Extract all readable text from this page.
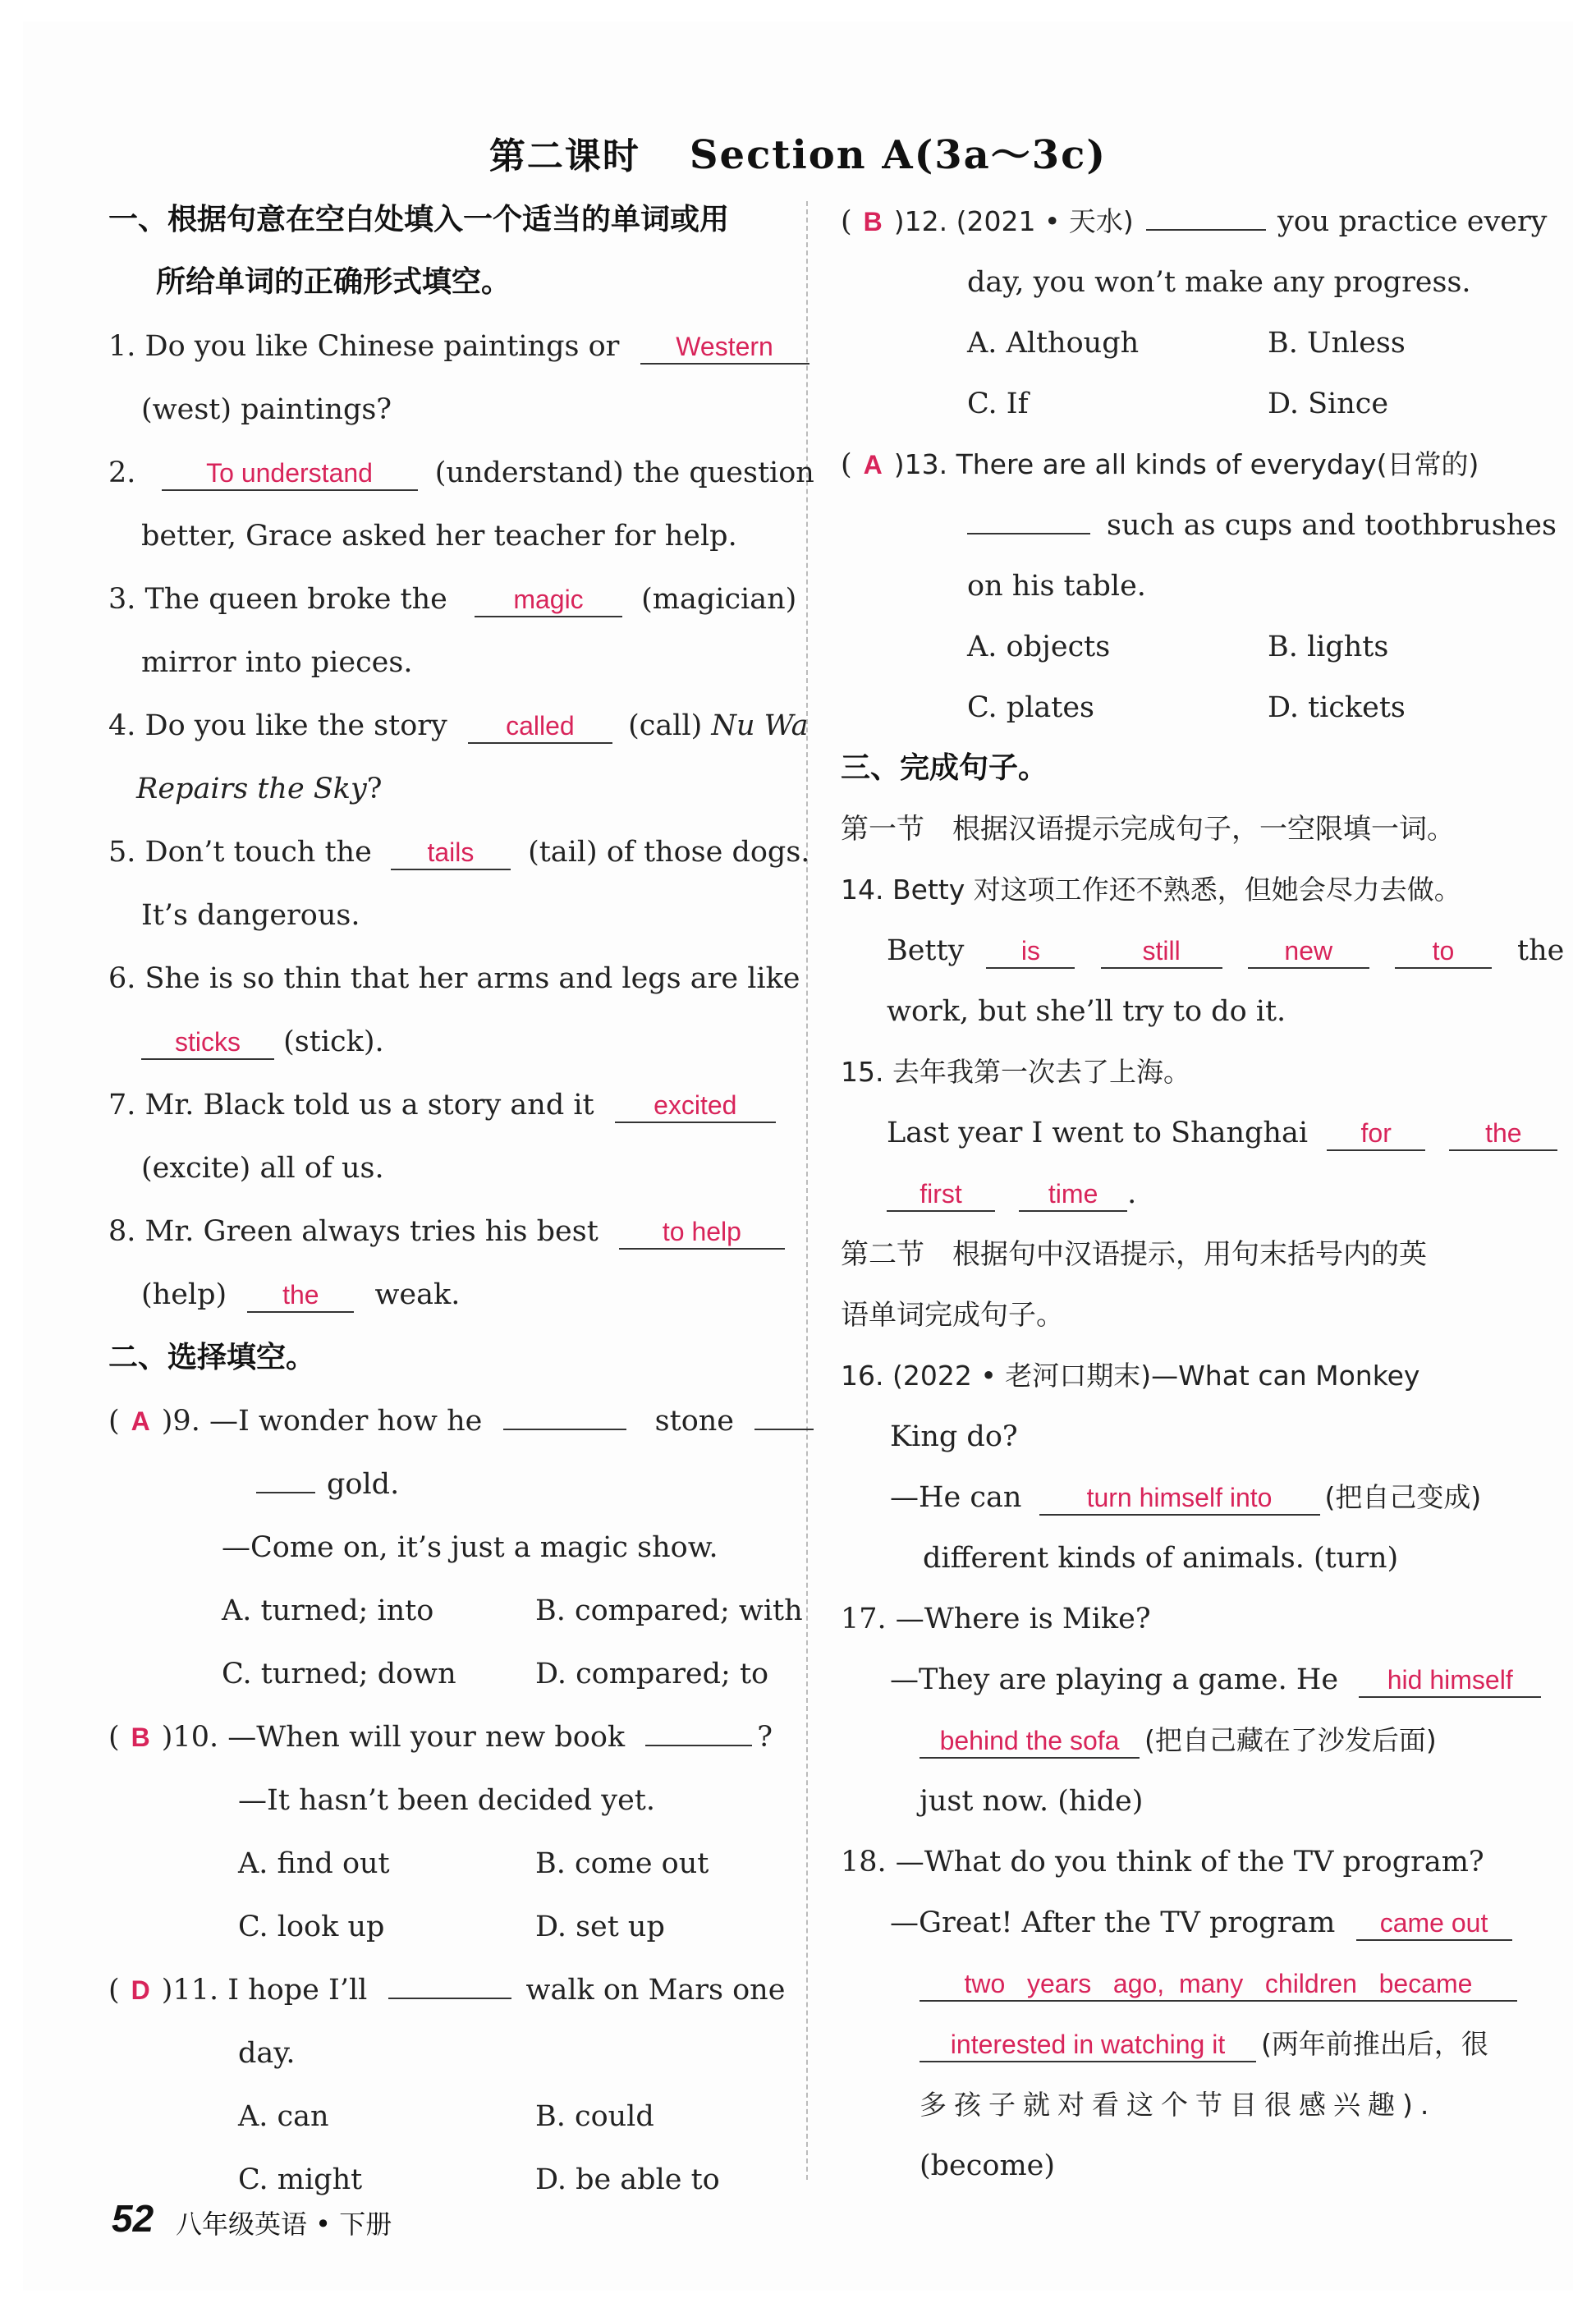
第二课时 Section A(3a～3c)
一、根据句意在空白处填入一个适当的单词或用
所给单词的正确形式填空。
1. Do you like Chinese paintings or Western
(west) paintings?
2.	To understand (understand) the question
better, Grace asked her teacher for help.
3. The queen broke the	magic (magician)
mirror into pieces.
4. Do you like the story called (call) Nu Wa
Repairs the Sky?
5. Don’t touch the tails (tail) of those dogs.
It’s dangerous.
6. She is so thin that her arms and legs are like
sticks (stick).
7. Mr. Black told us a story and it excited
(excite) all of us.
8. Mr. Green always tries his best to help
(help) the weak.
二、选择填空。
( A )9. —I wonder how he	stone
gold.
—Come on, it’s just a magic show.
A. turned; into	B. compared; with
C. turned; down	D. compared; to
( B )10. —When will your new book	?
—It hasn’t been decided yet.
A. find out	B. come out
C. look up	D. set up
( D )11. I hope I’ll	walk on Mars one
day.
A. can	B. could
C. might	D. be able to
( B )12. (2021 • 天水)	you practice every
day, you won’t make any progress.
A. Although	B. Unless
C. If	D. Since
( A )13. There are all kinds of everyday(日常的)
such as cups and toothbrushes
on his table.
A. objects	B. lights
C. plates	D. tickets
三、完成句子。
第一节　根据汉语提示完成句子，一空限填一词。
14. Betty 对这项工作还不熟悉，但她会尽力去做。
Betty is	still	new	to the
work, but she’ll try to do it.
15. 去年我第一次去了上海。
Last year I went to Shanghai for	the
first	time .
第二节　根据句中汉语提示，用句末括号内的英
语单词完成句子。
16. (2022 • 老河口期末)—What can Monkey
King do?
—He can turn himself into (把自己变成)
different kinds of animals. (turn)
17. —Where is Mike?
—They are playing a game. He hid himself
behind the sofa (把自己藏在了沙发后面)
just now. (hide)
18. —What do you think of the TV program?
—Great! After the TV program came out
two   years   ago,  many   children   became
interested in watching it (两年前推出后，很
多孩子就对看这个节目很感兴趣).
(become)
52 八年级英语 • 下册
